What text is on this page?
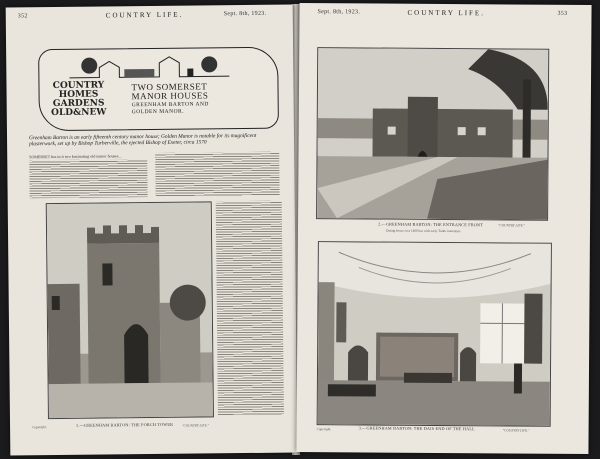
352	COUNTRY LIFE.	Sept. 8th, 1923.
COUNTRY
HOMES
GARDENS
OLD&NEW
TWO SOMERSET
MANOR HOUSES
GREENHAM BARTON AND
GOLDEN MANOR.
Greenham Barton is an early fifteenth century manor house; Golden Manor is notable for its magnificent plasterwork, set up by Bishop Turberville, the ejected Bishop of Exeter, circa 1570
SOMERSET has in it two fascinating old manor houses...
Copyright.	1.—GREENHAM BARTON: THE PORCH TOWER	"COUNTRY LIFE."
Sept. 8th, 1923.	COUNTRY LIFE.	353
2.—GREENHAM BARTON: THE ENTRANCE FRONT	"COUNTRY LIFE."
Dating from circa 1400 but with early Tudor insertions.
Copyright.	3.—GREENHAM BARTON: THE DAIS END OF THE HALL	"COUNTRY LIFE."
